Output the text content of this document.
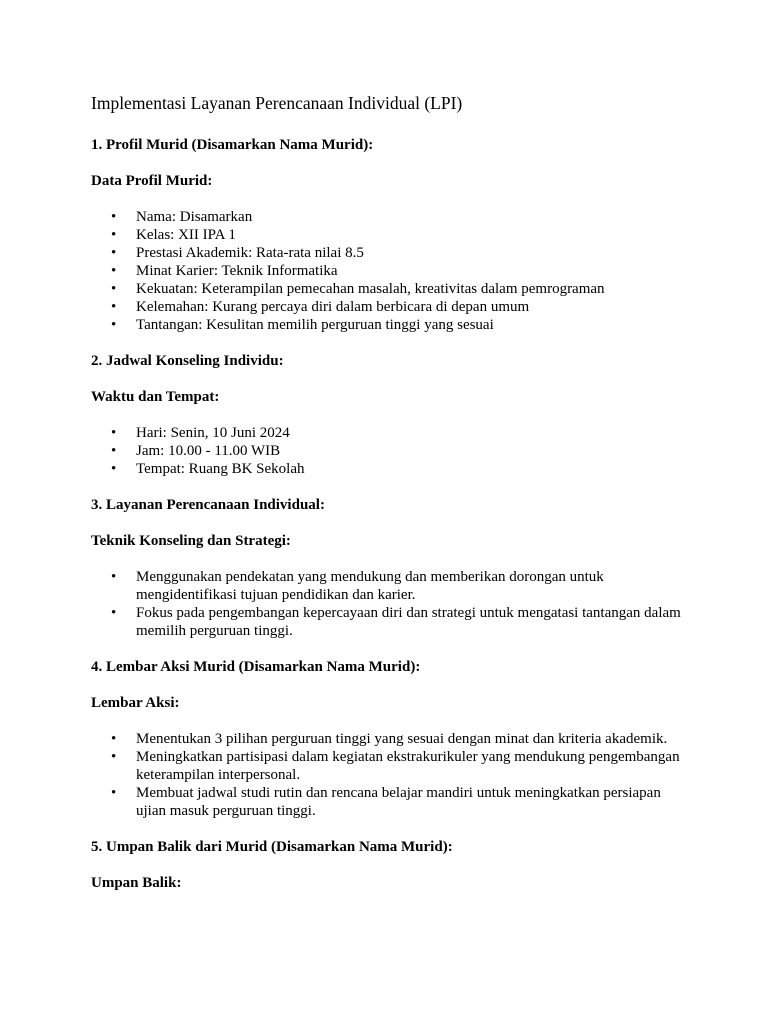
Implementasi Layanan Perencanaan Individual (LPI)

1. Profil Murid (Disamarkan Nama Murid):

Data Profil Murid:

• Nama: Disamarkan
• Kelas: XII IPA 1
• Prestasi Akademik: Rata-rata nilai 8.5
• Minat Karier: Teknik Informatika
• Kekuatan: Keterampilan pemecahan masalah, kreativitas dalam pemrograman
• Kelemahan: Kurang percaya diri dalam berbicara di depan umum
• Tantangan: Kesulitan memilih perguruan tinggi yang sesuai

2. Jadwal Konseling Individu:

Waktu dan Tempat:

• Hari: Senin, 10 Juni 2024
• Jam: 10.00 - 11.00 WIB
• Tempat: Ruang BK Sekolah

3. Layanan Perencanaan Individual:

Teknik Konseling dan Strategi:

• Menggunakan pendekatan yang mendukung dan memberikan dorongan untuk mengidentifikasi tujuan pendidikan dan karier.
• Fokus pada pengembangan kepercayaan diri dan strategi untuk mengatasi tantangan dalam memilih perguruan tinggi.

4. Lembar Aksi Murid (Disamarkan Nama Murid):

Lembar Aksi:

• Menentukan 3 pilihan perguruan tinggi yang sesuai dengan minat dan kriteria akademik.
• Meningkatkan partisipasi dalam kegiatan ekstrakurikuler yang mendukung pengembangan keterampilan interpersonal.
• Membuat jadwal studi rutin dan rencana belajar mandiri untuk meningkatkan persiapan ujian masuk perguruan tinggi.

5. Umpan Balik dari Murid (Disamarkan Nama Murid):

Umpan Balik:
